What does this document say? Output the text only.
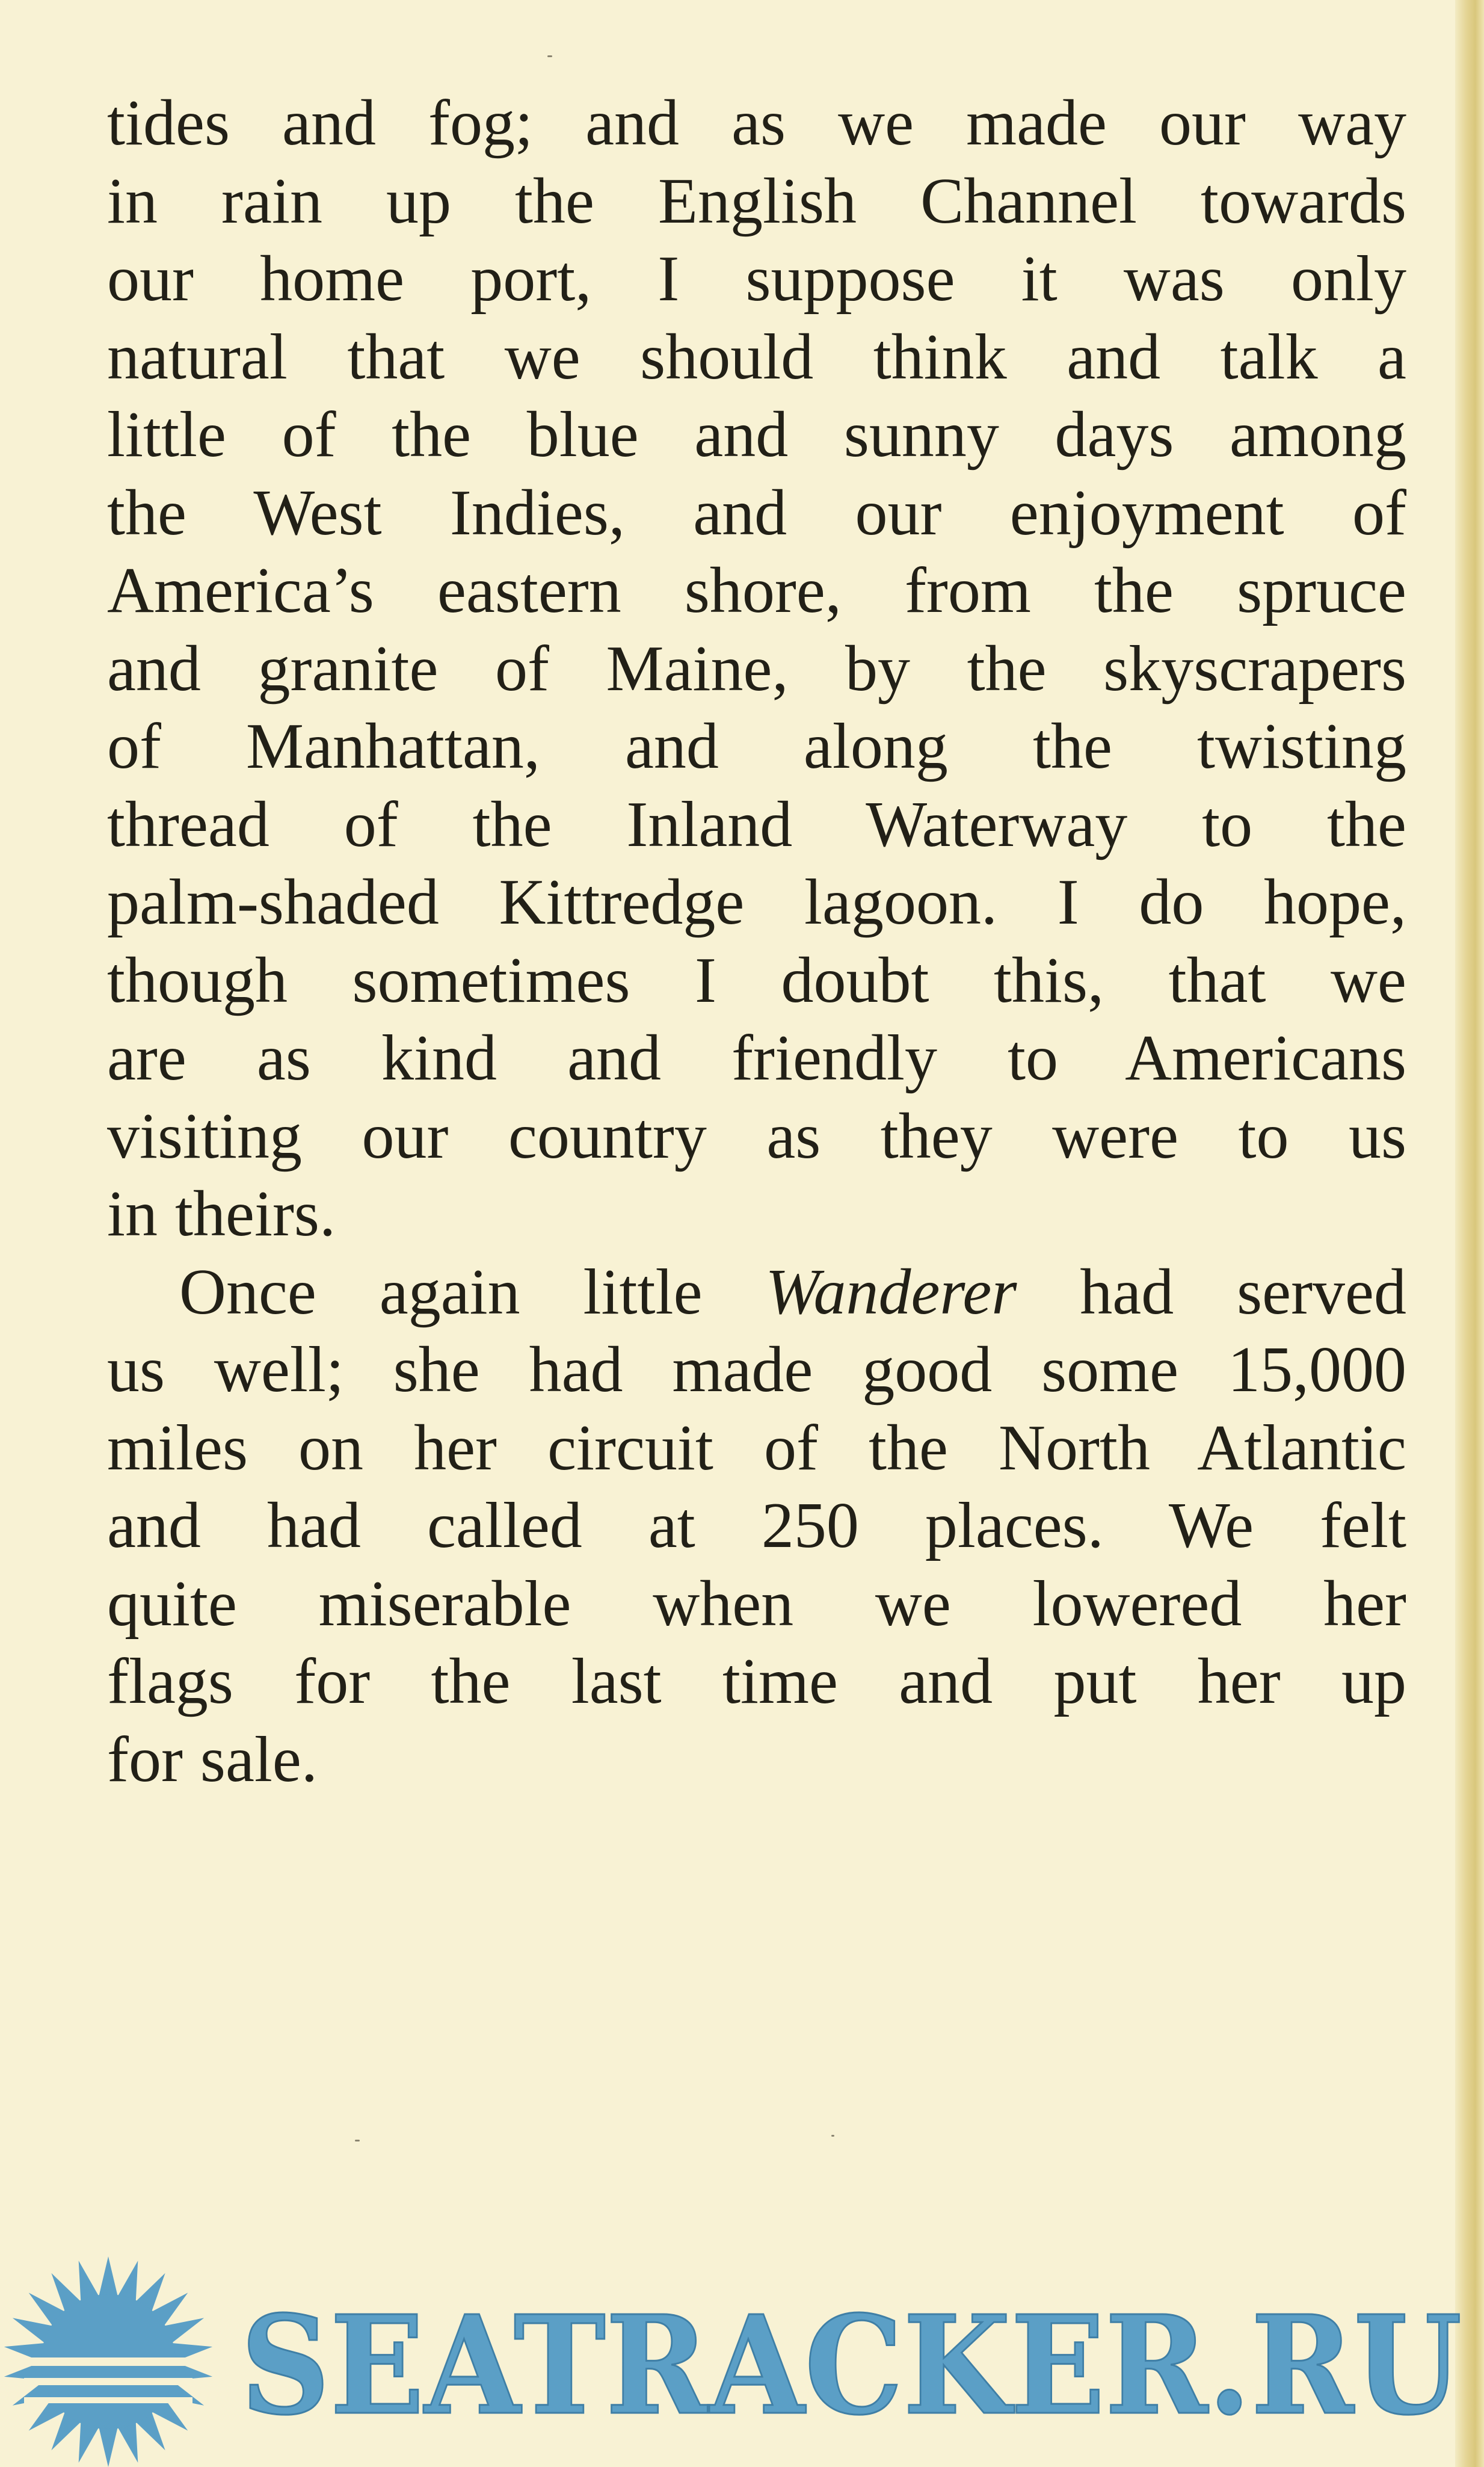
tides and fog; and as we made our way
in rain up the English Channel towards
our home port, I suppose it was only
natural that we should think and talk a
little of the blue and sunny days among
the West Indies, and our enjoyment of
America’s eastern shore, from the spruce
and granite of Maine, by the skyscrapers
of Manhattan, and along the twisting
thread of the Inland Waterway to the
palm-shaded Kittredge lagoon. I do hope,
though sometimes I doubt this, that we
are as kind and friendly to Americans
visiting our country as they were to us
in theirs.

Once again little Wanderer had served
us well; she had made good some 15,000
miles on her circuit of the North Atlantic
and had called at 250 places. We felt
quite miserable when we lowered her
flags for the last time and put her up
for sale.

SEATRACKER.RU
